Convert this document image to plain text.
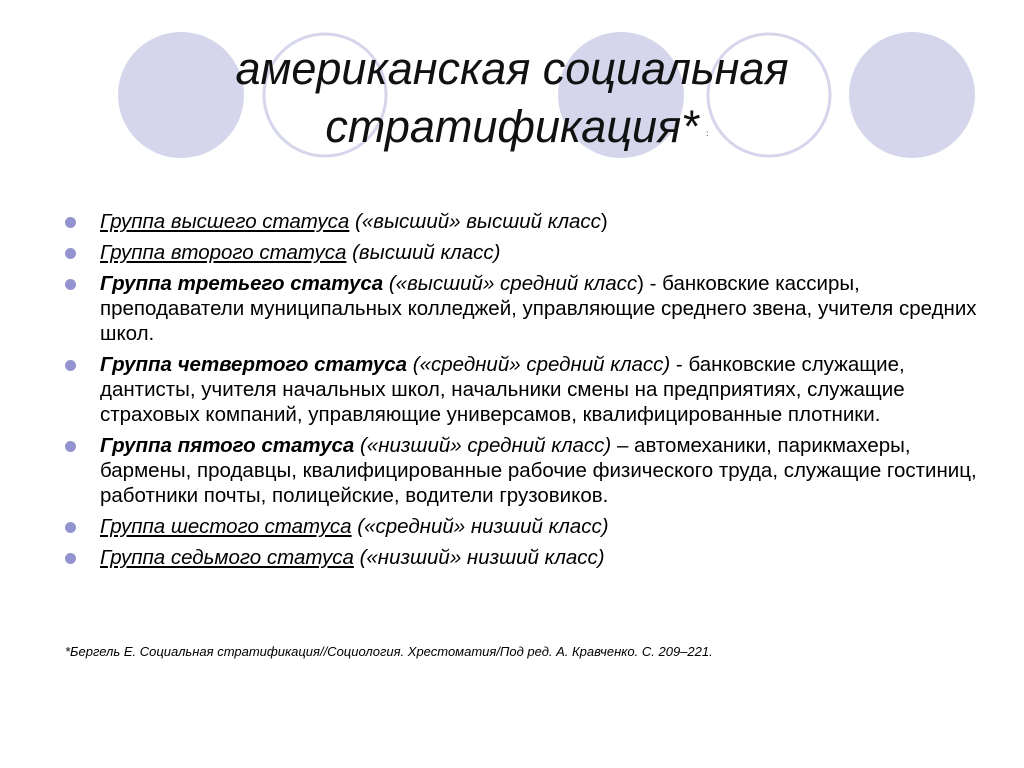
американская социальная
стратификация* :
Группа высшего статуса («высший» высший класс)
Группа второго статуса (высший класс)
Группа третьего статуса («высший» средний класс) - банковские кассиры, преподаватели муниципальных колледжей, управляющие среднего звена, учителя средних школ.
Группа четвертого статуса («средний» средний класс) - банковские служащие, дантисты, учителя начальных школ, начальники смены на предприятиях, служащие страховых компаний, управляющие универсамов, квалифицированные плотники.
Группа пятого статуса («низший» средний класс) – автомеханики, парикмахеры, бармены, продавцы, квалифицированные рабочие физического труда, служащие гостиниц, работники почты, полицейские, водители грузовиков.
Группа шестого статуса («средний» низший класс)
Группа седьмого статуса («низший» низший класс)
*Бергель Е. Социальная стратификация//Социология. Хрестоматия/Под ред. А. Кравченко. С. 209–221.
